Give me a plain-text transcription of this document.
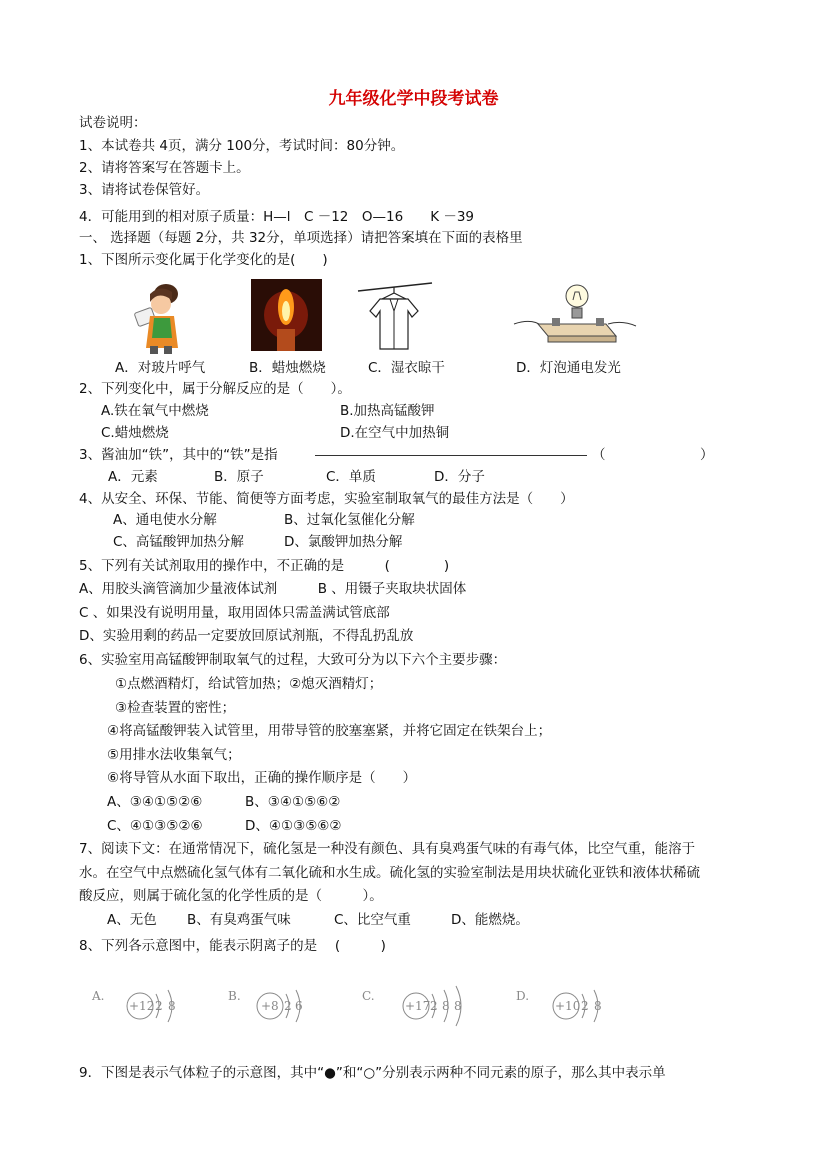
九年级化学中段考试卷
试卷说明：
1、本试卷共 4页，满分 100分，考试时间：80分钟。
2、请将答案写在答题卡上。
3、请将试卷保管好。
4．可能用到的相对原子质量：H—l　C －12　O—16　　K －39
一、 选择题（每题 2分，共 32分，单项选择）请把答案填在下面的表格里
1、下图所示变化属于化学变化的是(　　)
A．对玻片呼气	B．蜡烛燃烧	C．湿衣晾干	D．灯泡通电发光
2、下列变化中，属于分解反应的是（　　）。
A.铁在氧气中燃烧	B.加热高锰酸钾
C.蜡烛燃烧	D.在空气中加热铜
3、酱油加“铁”，其中的“铁”是指	（　　　　　　　）
A．元素	B．原子	C．单质	D．分子
4、从安全、环保、节能、简便等方面考虑，实验室制取氧气的最佳方法是（　　）
A、通电使水分解	B、过氧化氢催化分解
C、高锰酸钾加热分解	D、氯酸钾加热分解
5、下列有关试剂取用的操作中，不正确的是　　　(　　　　)
A、用胶头滴管滴加少量液体试剂　　　B 、用镊子夹取块状固体
C 、如果没有说明用量，取用固体只需盖满试管底部
D、实验用剩的药品一定要放回原试剂瓶，不得乱扔乱放
6、实验室用高锰酸钾制取氧气的过程，大致可分为以下六个主要步骤：
①点燃酒精灯，给试管加热；②熄灭酒精灯；
③检查装置的密性；
④将高锰酸钾装入试管里，用带导管的胶塞塞紧，并将它固定在铁架台上；
⑤用排水法收集氧气；
⑥将导管从水面下取出，正确的操作顺序是（　　）
A、③④①⑤②⑥	B、③④①⑤⑥②
C、④①③⑤②⑥	D、④①③⑤⑥②
7、阅读下文：在通常情况下，硫化氢是一种没有颜色、具有臭鸡蛋气味的有毒气体，比空气重，能溶于
水。在空气中点燃硫化氢气体有二氧化硫和水生成。硫化氢的实验室制法是用块状硫化亚铁和液体状稀硫
酸反应，则属于硫化氢的化学性质的是（　　　）。
A、无色 B、有臭鸡蛋气味	C、比空气重	D、能燃烧。
8、下列各示意图中，能表示阴离子的是　 (　　　)
A.
+12 2 8
B.
+8 2 6
C.
+17 2 8 8
D.
+10 2 8
9．下图是表示气体粒子的示意图，其中“●”和“○”分别表示两种不同元素的原子，那么其中表示单
